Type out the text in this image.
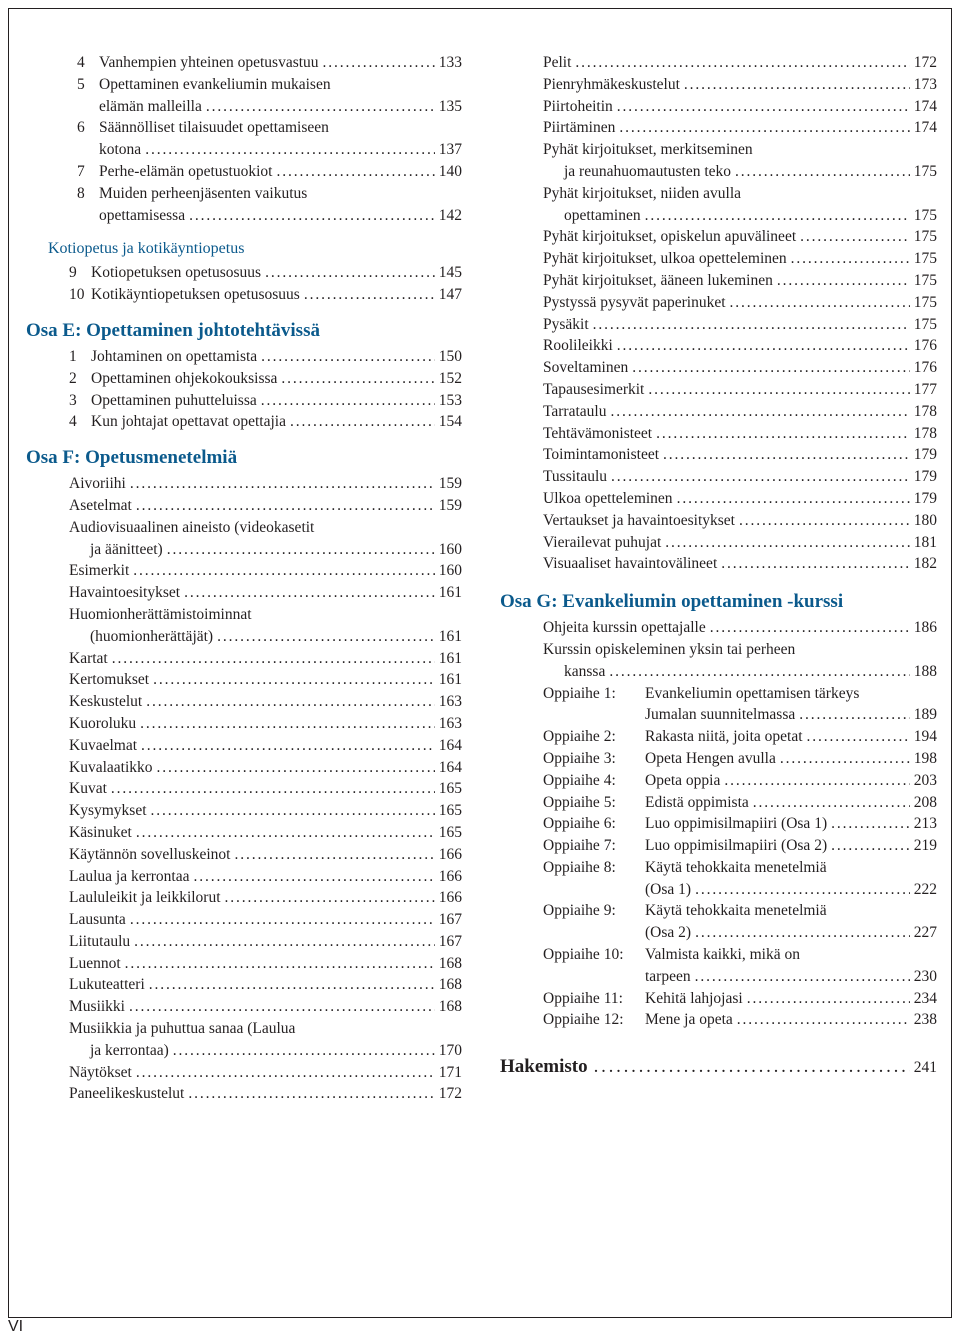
4 Vanhempien yhteinen opetusvastuu . . .	133
5 Opettaminen evankeliumin mukaisen
elämän malleilla . . .	135
6 Säännölliset tilaisuudet opettamiseen
kotona . . .	137
7 Perhe-elämän opetustuokiot . . .	140
8 Muiden perheenjäsenten vaikutus
opettamisessa . . .	142
Kotiopetus ja kotikäyntiopetus
9 Kotiopetuksen opetusosuus . . .	145
10 Kotikäyntiopetuksen opetusosuus . . .	147
Osa E: Opettaminen johtotehtävissä
1 Johtaminen on opettamista . . .	150
2 Opettaminen ohjekokouksissa . . .	152
3 Opettaminen puhutteluissa . . .	153
4 Kun johtajat opettavat opettajia . . .	154
Osa F: Opetusmenetelmiä
Aivoriihi . . .	159
Asetelmat . . .	159
Audiovisuaalinen aineisto (videokasetit
ja äänitteet) . . .	160
Esimerkit . . .	160
Havaintoesitykset . . .	161
Huomionherättämistoiminnat
(huomionherättäjät) . . .	161
Kartat . . .	161
Kertomukset . . .	161
Keskustelut . . .	163
Kuoroluku . . .	163
Kuvaelmat . . .	164
Kuvalaatikko . . .	164
Kuvat . . .	165
Kysymykset . . .	165
Käsinuket . . .	165
Käytännön sovelluskeinot . . .	166
Laulua ja kerrontaa . . .	166
Laululeikit ja leikkilorut . . .	166
Lausunta . . .	167
Liitutaulu . . .	167
Luennot . . .	168
Lukuteatteri . . .	168
Musiikki . . .	168
Musiikkia ja puhuttua sanaa (Laulua
ja kerrontaa) . . .	170
Näytökset . . .	171
Paneelikeskustelut . . .	172
Pelit . . .	172
Pienryhmäkeskustelut . . .	173
Piirtoheitin . . .	174
Piirtäminen . . .	174
Pyhät kirjoitukset, merkitseminen
ja reunahuomautusten teko . . .	175
Pyhät kirjoitukset, niiden avulla
opettaminen . . .	175
Pyhät kirjoitukset, opiskelun apuvälineet . . .	175
Pyhät kirjoitukset, ulkoa opetteleminen . . .	175
Pyhät kirjoitukset, ääneen lukeminen . . .	175
Pystyssä pysyvät paperinuket . . .	175
Pysäkit . . .	175
Roolileikki . . .	176
Soveltaminen . . .	176
Tapausesimerkit . . .	177
Tarrataulu . . .	178
Tehtävämonisteet . . .	178
Toimintamonisteet . . .	179
Tussitaulu . . .	179
Ulkoa opetteleminen . . .	179
Vertaukset ja havaintoesitykset . . .	180
Vierailevat puhujat . . .	181
Visuaaliset havaintovälineet . . .	182
Osa G: Evankeliumin opettaminen -kurssi
Ohjeita kurssin opettajalle . . .	186
Kurssin opiskeleminen yksin tai perheen
kanssa . . .	188
Oppiaihe 1:	Evankeliumin opettamisen tärkeys
Jumalan suunnitelmassa . . .	189
Oppiaihe 2:	Rakasta niitä, joita opetat . . .	194
Oppiaihe 3:	Opeta Hengen avulla . . .	198
Oppiaihe 4:	Opeta oppia . . .	203
Oppiaihe 5:	Edistä oppimista . . .	208
Oppiaihe 6:	Luo oppimisilmapiiri (Osa 1) . . .	213
Oppiaihe 7:	Luo oppimisilmapiiri (Osa 2) . . .	219
Oppiaihe 8:	Käytä tehokkaita menetelmiä
(Osa 1) . . .	222
Oppiaihe 9:	Käytä tehokkaita menetelmiä
(Osa 2) . . .	227
Oppiaihe 10:	Valmista kaikki, mikä on
tarpeen . . .	230
Oppiaihe 11:	Kehitä lahjojasi . . .	234
Oppiaihe 12:	Mene ja opeta . . .	238
Hakemisto . . .	241
VI
